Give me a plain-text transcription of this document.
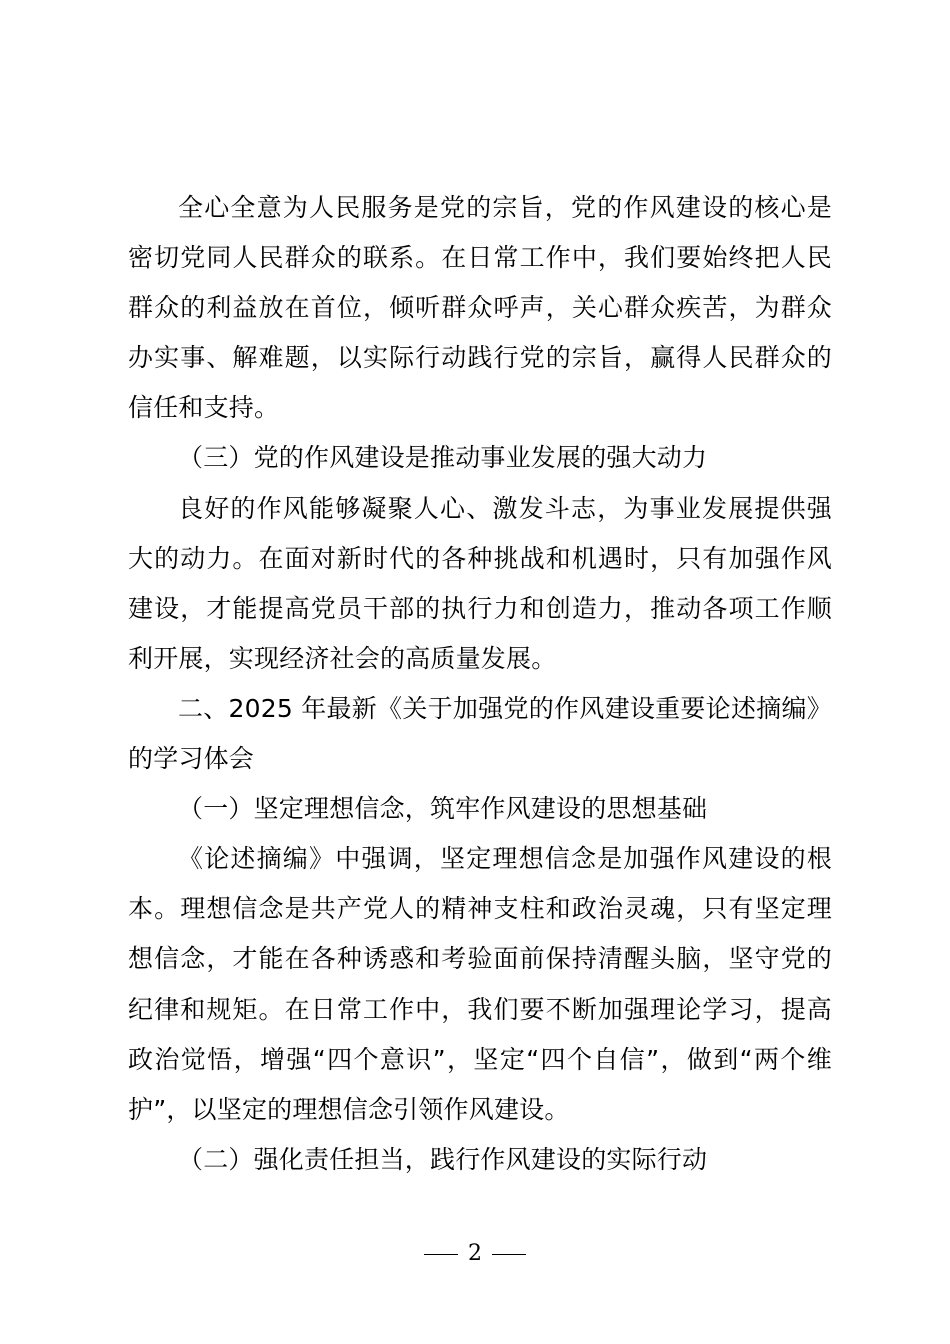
全心全意为人民服务是党的宗旨，党的作风建设的核心是密切党同人民群众的联系。在日常工作中，我们要始终把人民群众的利益放在首位，倾听群众呼声，关心群众疾苦，为群众办实事、解难题，以实际行动践行党的宗旨，赢得人民群众的信任和支持。

（三）党的作风建设是推动事业发展的强大动力

良好的作风能够凝聚人心、激发斗志，为事业发展提供强大的动力。在面对新时代的各种挑战和机遇时，只有加强作风建设，才能提高党员干部的执行力和创造力，推动各项工作顺利开展，实现经济社会的高质量发展。

二、2025 年最新《关于加强党的作风建设重要论述摘编》的学习体会

（一）坚定理想信念，筑牢作风建设的思想基础

《论述摘编》中强调，坚定理想信念是加强作风建设的根本。理想信念是共产党人的精神支柱和政治灵魂，只有坚定理想信念，才能在各种诱惑和考验面前保持清醒头脑，坚守党的纪律和规矩。在日常工作中，我们要不断加强理论学习，提高政治觉悟，增强“四个意识”，坚定“四个自信”，做到“两个维护”，以坚定的理想信念引领作风建设。

（二）强化责任担当，践行作风建设的实际行动

2
